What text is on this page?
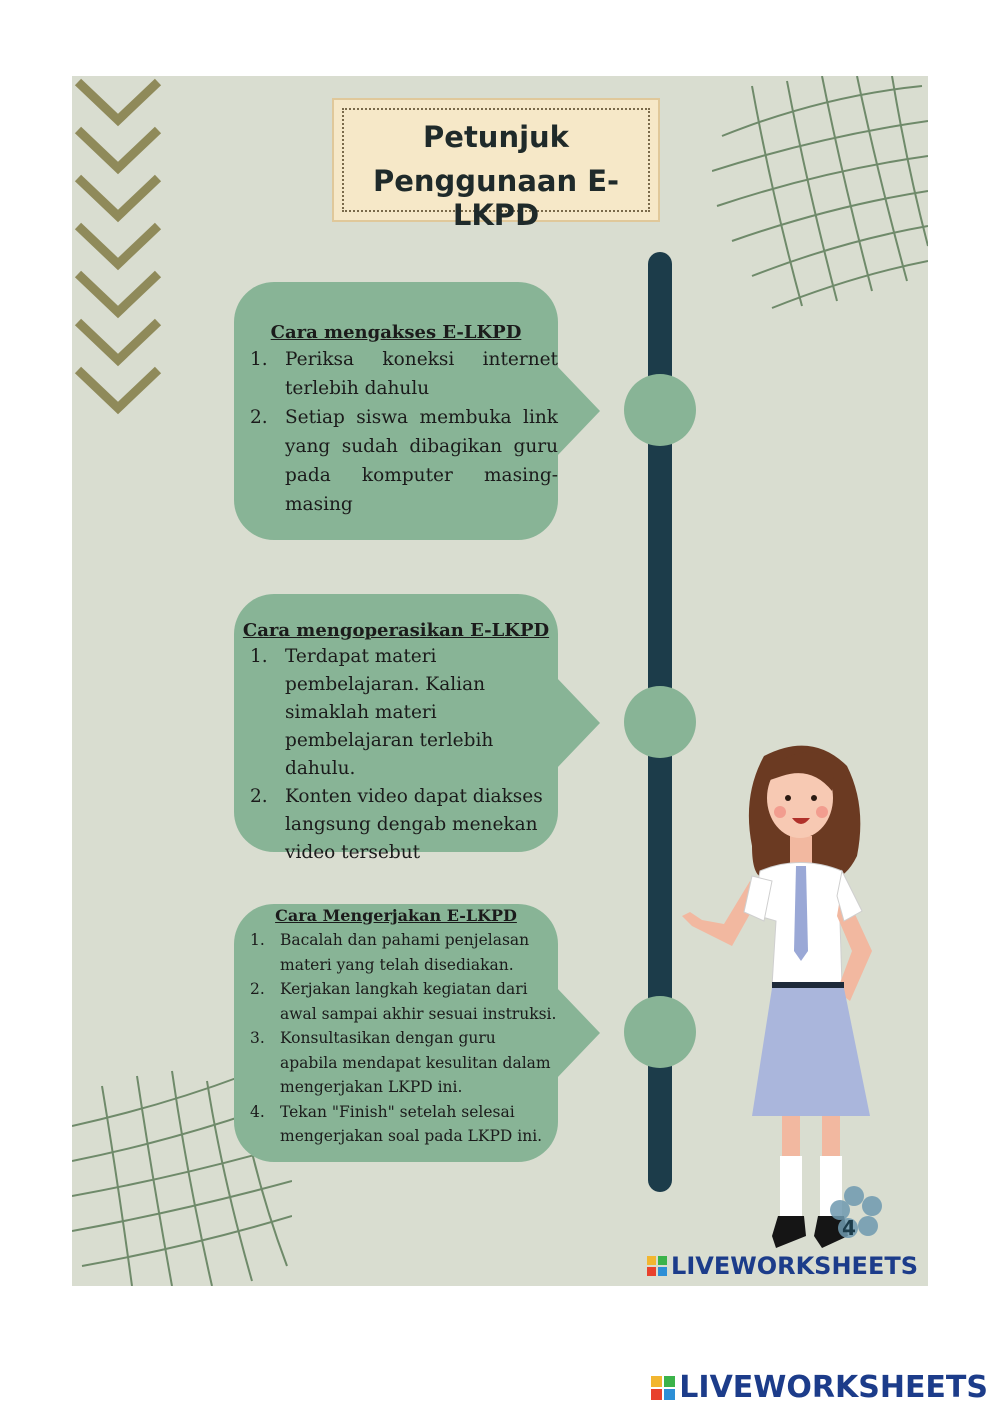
Petunjuk
Penggunaan E-LKPD
Cara mengakses E-LKPD
1. Periksa koneksi internet terlebih dahulu
2. Setiap siswa membuka link yang sudah dibagikan guru pada komputer masing-masing
Cara mengoperasikan E-LKPD
1. Terdapat materi pembelajaran. Kalian simaklah materi pembelajaran terlebih dahulu.
2. Konten video dapat diakses langsung dengab menekan video tersebut
Cara Mengerjakan E-LKPD
1. Bacalah dan pahami penjelasan materi yang telah disediakan.
2. Kerjakan langkah kegiatan dari awal sampai akhir sesuai instruksi.
3. Konsultasikan dengan guru apabila mendapat kesulitan dalam mengerjakan LKPD ini.
4. Tekan "Finish" setelah selesai mengerjakan soal pada LKPD ini.
4
LIVEWORKSHEETS
LIVEWORKSHEETS
